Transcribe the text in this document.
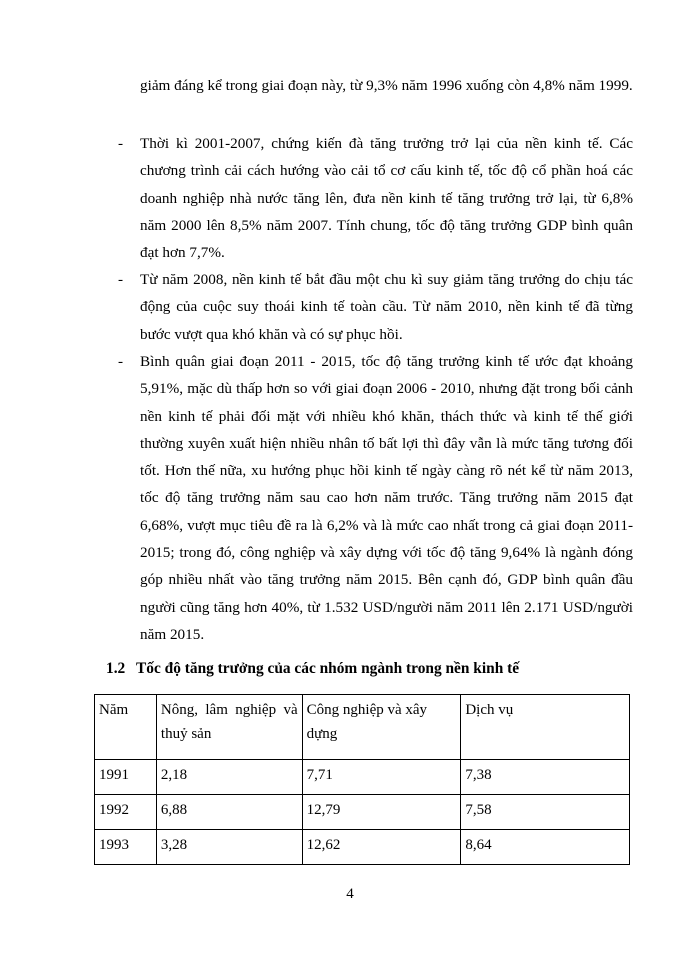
giảm đáng kể trong giai đoạn này, từ 9,3% năm 1996 xuống còn 4,8% năm 1999.

- Thời kì 2001-2007, chứng kiến đà tăng trưởng trở lại của nền kinh tế. Các chương trình cải cách hướng vào cải tổ cơ cấu kinh tế, tốc độ cổ phần hoá các doanh nghiệp nhà nước tăng lên, đưa nền kinh tế tăng trưởng trở lại, từ 6,8% năm 2000 lên 8,5% năm 2007. Tính chung, tốc độ tăng trưởng GDP bình quân đạt hơn 7,7%.

- Từ năm 2008, nền kinh tế bắt đầu một chu kì suy giảm tăng trưởng do chịu tác động của cuộc suy thoái kinh tế toàn cầu. Từ năm 2010, nền kinh tế đã từng bước vượt qua khó khăn và có sự phục hồi.

- Bình quân giai đoạn 2011 - 2015, tốc độ tăng trưởng kinh tế ước đạt khoảng 5,91%, mặc dù thấp hơn so với giai đoạn 2006 - 2010, nhưng đặt trong bối cảnh nền kinh tế phải đối mặt với nhiều khó khăn, thách thức và kinh tế thế giới thường xuyên xuất hiện nhiều nhân tố bất lợi thì đây vẫn là mức tăng tương đối tốt. Hơn thế nữa, xu hướng phục hồi kinh tế ngày càng rõ nét kể từ năm 2013, tốc độ tăng trưởng năm sau cao hơn năm trước. Tăng trưởng năm 2015 đạt 6,68%, vượt mục tiêu đề ra là 6,2% và là mức cao nhất trong cả giai đoạn 2011-2015; trong đó, công nghiệp và xây dựng với tốc độ tăng 9,64% là ngành đóng góp nhiều nhất vào tăng trưởng năm 2015. Bên cạnh đó, GDP bình quân đầu người cũng tăng hơn 40%, từ 1.532 USD/người năm 2011 lên 2.171 USD/người năm 2015.

1.2 Tốc độ tăng trưởng của các nhóm ngành trong nền kinh tế
Năm	Nông, lâm nghiệp và thuỷ sản	Công nghiệp và xây dựng	Dịch vụ
1991	2,18	7,71	7,38
1992	6,88	12,79	7,58
1993	3,28	12,62	8,64
4
